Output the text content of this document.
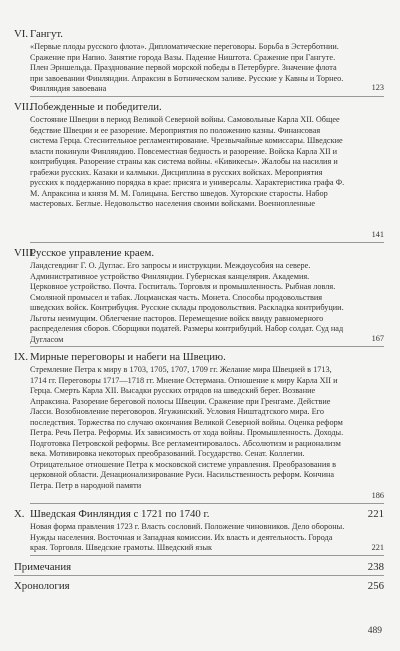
VI. Гангут.
«Первые плоды русского флота». Дипломатические переговоры. Борьба в Эстерботнии. Сражение при Напио. Занятие города Вазы. Падение Ништота. Сражение при Гангуте. Плен Эрншельда. Празднование первой морской победы в Петербурге. Значение флота при завоевании Финляндии. Апраксин в Ботническом заливе. Русские у Кавны и Торнео. Финляндия завоевана	123
VII.
Побежденные и победители.
Состояние Швеции в период Великой Северной войны. Самовольные Карла XII. Общее бедствие Швеции и ее разорение. Мероприятия по положению казны. Финансовая система Герца. Стеснительное регламентирование. Чрезвычайные комиссары. Шведские власти покинули Финляндию. Повсеместная бедность и разорение. Войска Карла XII и контрибуция. Разорение страны как система войны. «Кивикесы». Жалобы на насилия и грабежи русских. Казаки и калмыки. Дисциплина в русских войсках. Мероприятия русских к поддержанию порядка в крае: присяга и универсалы. Характеристика графа Ф. М. Апраксина и князя М. М. Голицына. Бегство шведов. Хуторские старосты. Набор мастеровых. Беглые. Недовольство населения своими войсками. Военнопленные
141
VIII.
Русское управление краем.
Ландсгевдинг Г. О. Дуглас. Его запросы и инструкции. Междоусобия на севере. Административное устройство Финляндии. Губернская канцелярия. Академия. Церковное устройство. Почта. Госпиталь. Торговля и промышленность. Рыбная ловля. Смоляной промысел и табак. Лоцманская часть. Монета. Способы продовольствия шведских войск. Контрибуция. Русские склады продовольствия. Раскладка контрибуции. Льготы неимущим. Облегчение пасторов. Перемещение войск ввиду равномерного распределения сборов. Сборщики податей. Размеры контрибуций. Набор солдат. Суд над Дугласом	167
IX. Мирные переговоры и набеги на Швецию.
Стремление Петра к миру в 1703, 1705, 1707, 1709 гг. Желание мира Швецией в 1713, 1714 гг. Переговоры 1717—1718 гг. Мнение Остермана. Отношение к миру Карла XII и Герца. Смерть Карла XII. Высадки русских отрядов на шведский берег. Возвание Апраксина. Разорение береговой полосы Швеции. Сражение при Гренгаме. Действие Ласси. Возобновление переговоров. Ягужинский. Условия Ништадтского мира. Его последствия. Торжества по случаю окончания Великой Северной войны. Оценка реформ Петра. Речь Петра. Реформы. Их зависимость от хода войны. Промышленность. Доходы. Подготовка Петровской реформы. Все регламентировалось. Абсолютизм и рационализм века. Мотивировка некоторых преобразований. Государство. Сенат. Коллегии. Отрицательное отношение Петра к московской системе управления. Преобразования в церковной области. Денационализирование Руси. Насильственность реформ. Кончина Петра. Петр в народной памяти
186
X. Шведская Финляндия с 1721 по 1740 г.	221
Новая форма правления 1723 г. Власть сословий. Положение чиновников. Дело обороны. Нужды населения. Восточная и Западная комиссии. Их власть и деятельность. Города края. Торговля. Шведские грамоты. Шведский язык	221
Примечания	238
Хронология	256
489
